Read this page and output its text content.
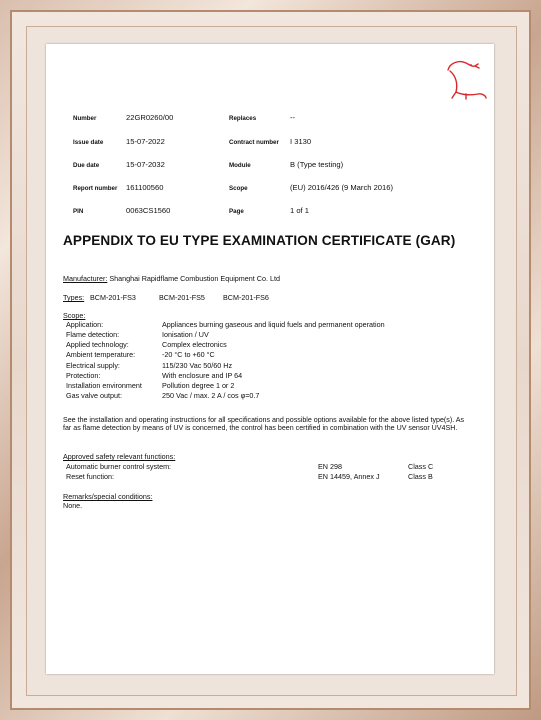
Number	22GR0260/00	Replaces	--
Issue date	15-07-2022	Contract number I 3130
Due date	15-07-2032	Module	B (Type testing)
Report number 161100560	Scope	(EU) 2016/426 (9 March 2016)
PIN	0063CS1560	Page	1 of 1
APPENDIX TO EU TYPE EXAMINATION CERTIFICATE (GAR)
Manufacturer: Shanghai Rapidflame Combustion Equipment Co. Ltd
Types: BCM-201-FS3	BCM-201-FS5	BCM-201-FS6
Scope:
Application:	Appliances burning gaseous and liquid fuels and permanent operation
Flame detection:	Ionisation / UV
Applied technology:	Complex electronics
Ambient temperature:	-20 °C to +60 °C
Electrical supply:	115/230 Vac 50/60 Hz
Protection:	With enclosure and IP 64
Installation environment	Pollution degree 1 or 2
Gas valve output:	250 Vac / max. 2 A / cos φ=0.7
See the installation and operating instructions for all specifications and possible options available for the above listed type(s). As far as flame detection by means of UV is concerned, the control has been certified in combination with the UV sensor UV4SH.
Approved safety relevant functions:
Automatic burner control system:	EN 298	Class C
Reset function:	EN 14459, Annex J	Class B
Remarks/special conditions:
None.
